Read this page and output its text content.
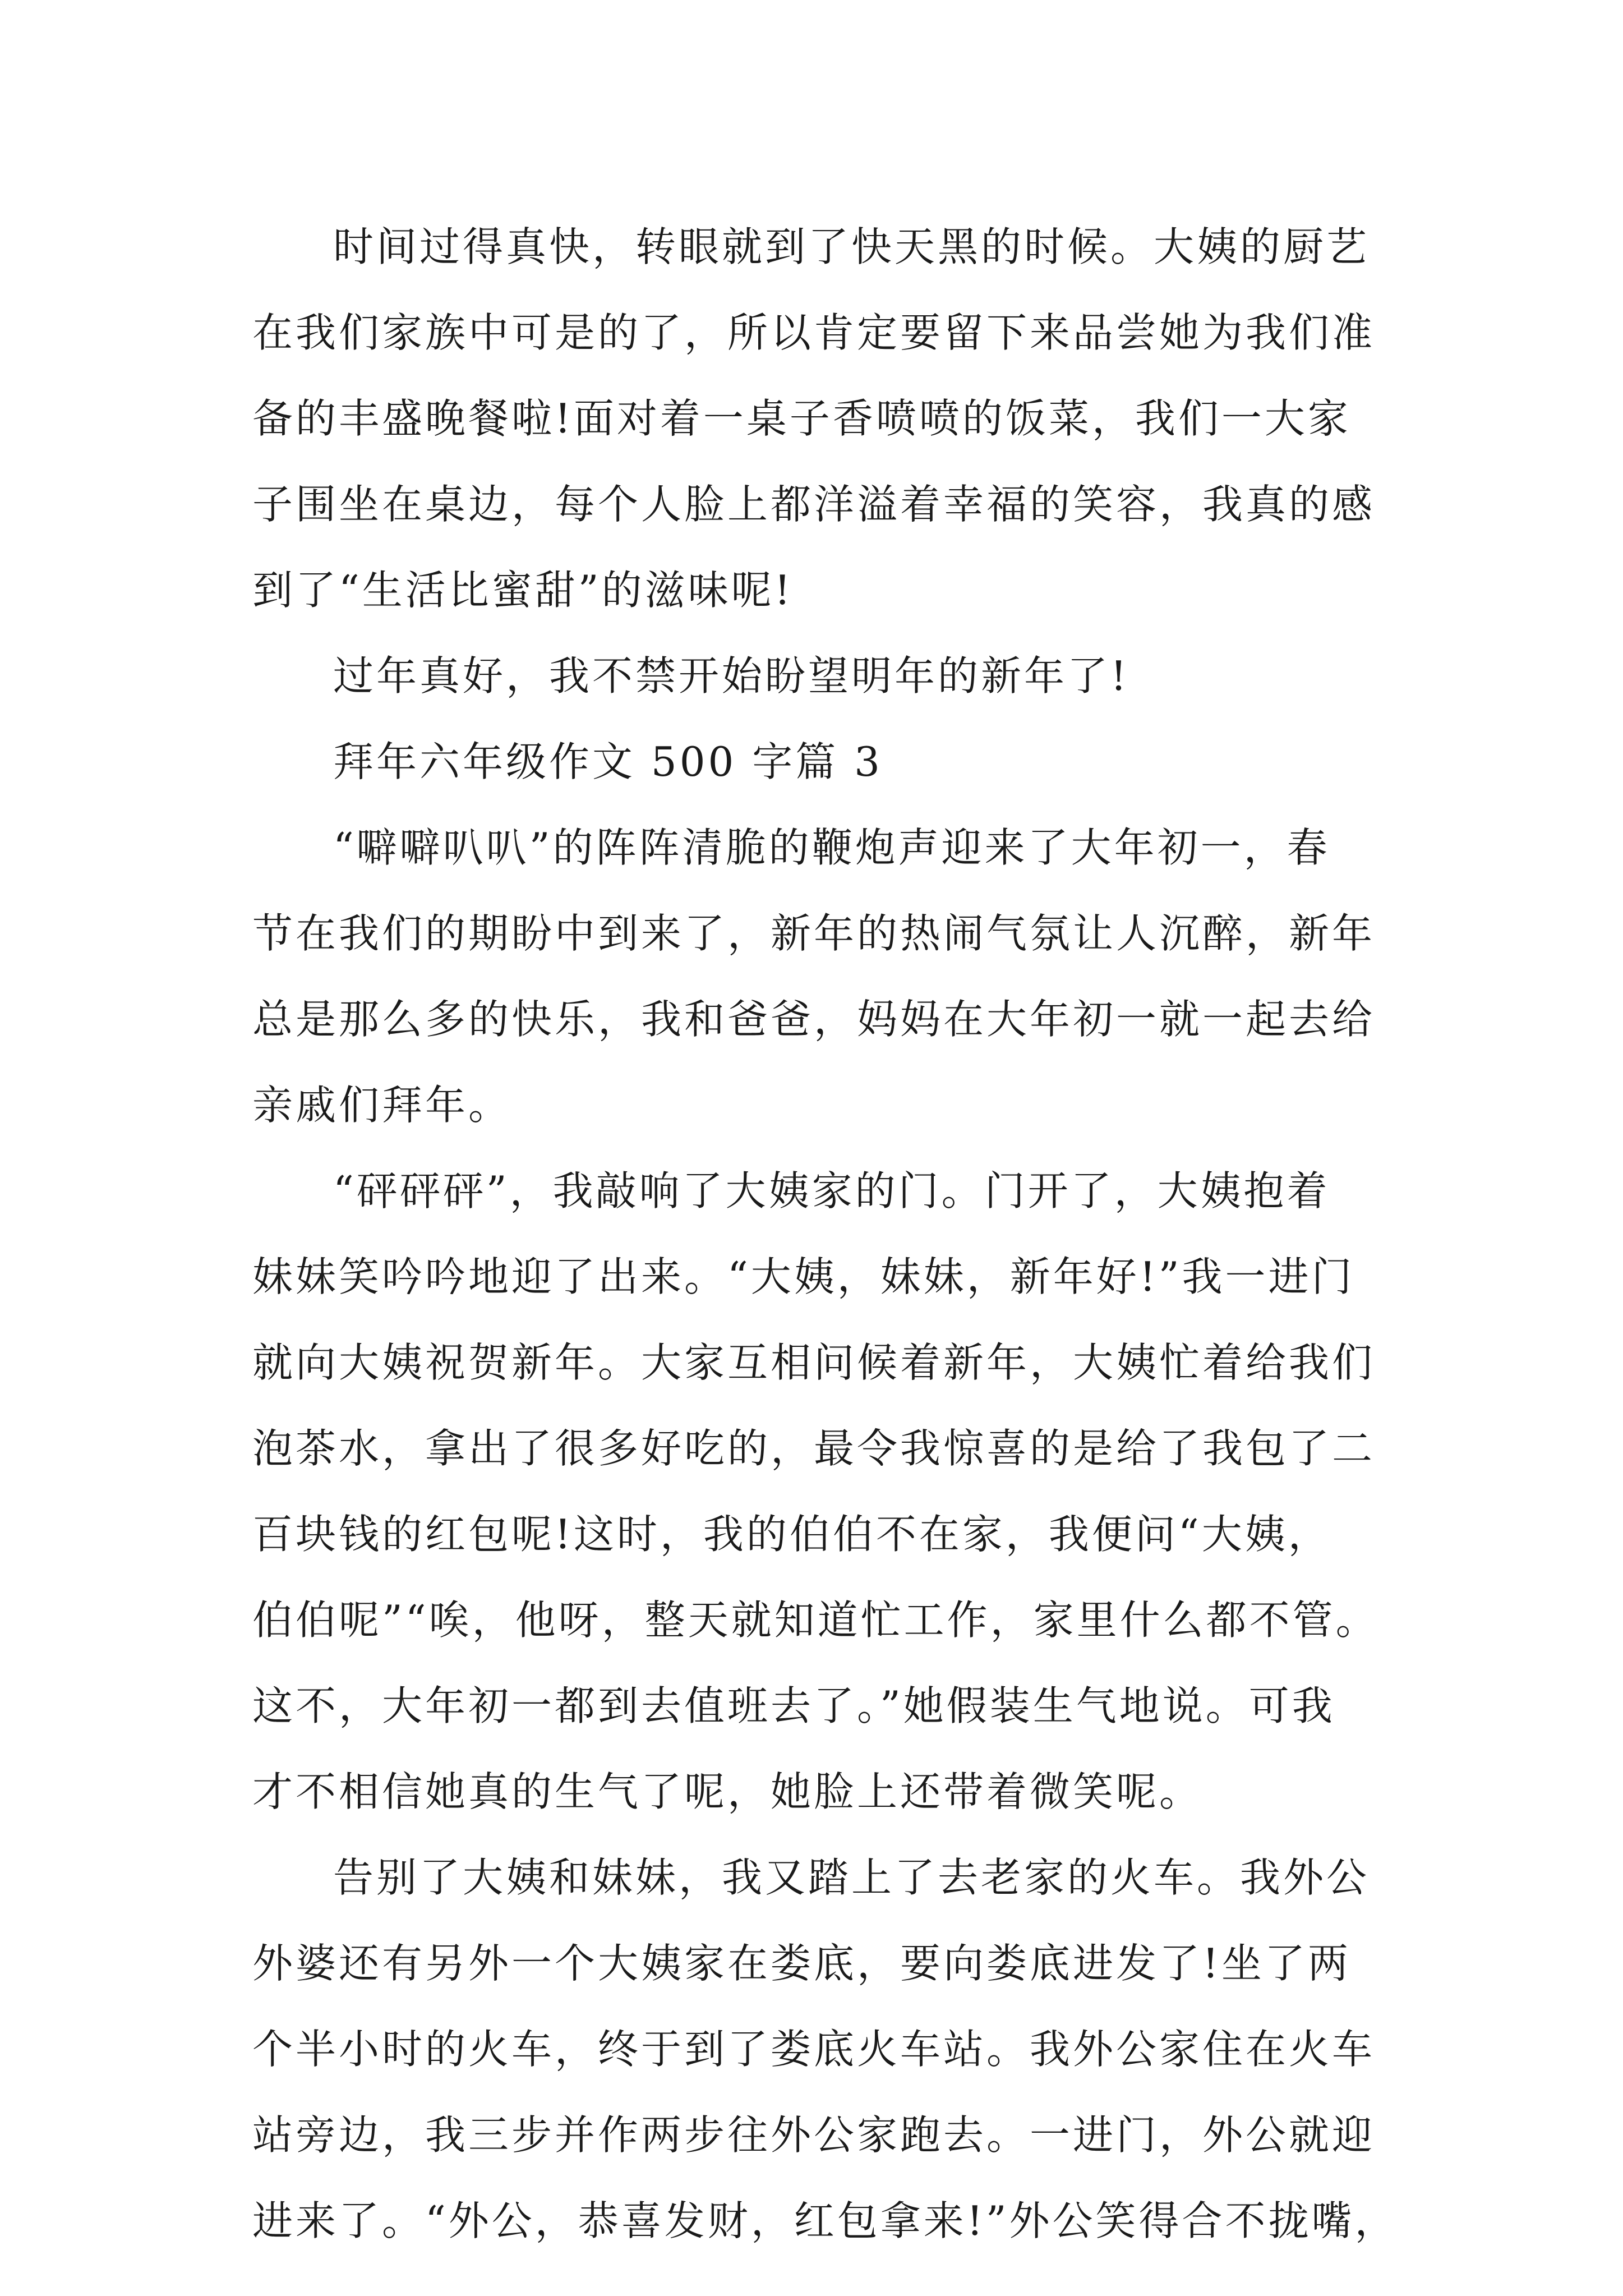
时间过得真快，转眼就到了快天黑的时候。大姨的厨艺
在我们家族中可是的了，所以肯定要留下来品尝她为我们准
备的丰盛晚餐啦!面对着一桌子香喷喷的饭菜，我们一大家
子围坐在桌边，每个人脸上都洋溢着幸福的笑容，我真的感
到了“生活比蜜甜”的滋味呢!
过年真好，我不禁开始盼望明年的新年了!
拜年六年级作文 500 字篇 3
“噼噼叭叭”的阵阵清脆的鞭炮声迎来了大年初一，春
节在我们的期盼中到来了，新年的热闹气氛让人沉醉，新年
总是那么多的快乐，我和爸爸，妈妈在大年初一就一起去给
亲戚们拜年。
“砰砰砰”，我敲响了大姨家的门。门开了，大姨抱着
妹妹笑吟吟地迎了出来。“大姨，妹妹，新年好!”我一进门
就向大姨祝贺新年。大家互相问候着新年，大姨忙着给我们
泡茶水，拿出了很多好吃的，最令我惊喜的是给了我包了二
百块钱的红包呢!这时，我的伯伯不在家，我便问“大姨，
伯伯呢”“唉，他呀，整天就知道忙工作，家里什么都不管。
这不，大年初一都到去值班去了。”她假装生气地说。可我
才不相信她真的生气了呢，她脸上还带着微笑呢。
告别了大姨和妹妹，我又踏上了去老家的火车。我外公
外婆还有另外一个大姨家在娄底，要向娄底进发了!坐了两
个半小时的火车，终于到了娄底火车站。我外公家住在火车
站旁边，我三步并作两步往外公家跑去。一进门，外公就迎
进来了。“外公，恭喜发财，红包拿来!”外公笑得合不拢嘴，
